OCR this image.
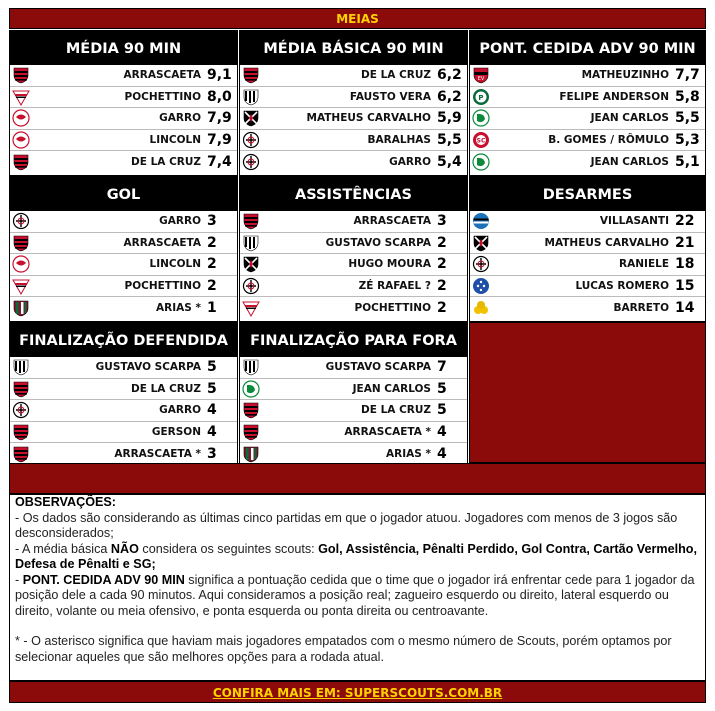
MEIAS
MÉDIA 90 MIN
ARRASCAETA 9,1
POCHETTINO 8,0
GARRO 7,9
LINCOLN 7,9
DE LA CRUZ 7,4
MÉDIA BÁSICA 90 MIN
DE LA CRUZ 6,2
FAUSTO VERA 6,2
MATHEUS CARVALHO 5,9
BARALHAS 5,5
GARRO 5,4
PONT. CEDIDA ADV 90 MIN
EV	MATHEUZINHO 7,7
P	FELIPE ANDERSON 5,8
JEAN CARLOS 5,5
SC	B. GOMES / RÔMULO 5,3
JEAN CARLOS 5,1
GOL
GARRO 3
ARRASCAETA 2
LINCOLN 2
POCHETTINO 2
ARIAS * 1
ASSISTÊNCIAS
ARRASCAETA 3
GUSTAVO SCARPA 2
HUGO MOURA 2
ZÉ RAFAEL ? 2
POCHETTINO 2
DESARMES
VILLASANTI 22
MATHEUS CARVALHO 21
RANIELE 18
LUCAS ROMERO 15
BARRETO 14
FINALIZAÇÃO DEFENDIDA
GUSTAVO SCARPA 5
DE LA CRUZ 5
GARRO 4
GERSON 4
ARRASCAETA * 3
FINALIZAÇÃO PARA FORA
GUSTAVO SCARPA 7
JEAN CARLOS 5
DE LA CRUZ 5
ARRASCAETA * 4
ARIAS * 4

OBSERVAÇÕES:

- Os dados são considerando as últimas cinco partidas em que o jogador atuou. Jogadores com menos de 3 jogos são desconsiderados;

- A média básica NÃO considera os seguintes scouts: Gol, Assistência, Pênalti Perdido, Gol Contra, Cartão Vermelho, Defesa de Pênalti e SG;

- PONT. CEDIDA ADV 90 MIN significa a pontuação cedida que o time que o jogador irá enfrentar cede para 1 jogador da posição dele a cada 90 minutos. Aqui consideramos a posição real; zagueiro esquerdo ou direito, lateral esquerdo ou direito, volante ou meia ofensivo, e ponta esquerda ou ponta direita ou centroavante.

* - O asterisco significa que haviam mais jogadores empatados com o mesmo número de Scouts, porém optamos por selecionar aqueles que são melhores opções para a rodada atual.

CONFIRA MAIS EM: SUPERSCOUTS.COM.BR
